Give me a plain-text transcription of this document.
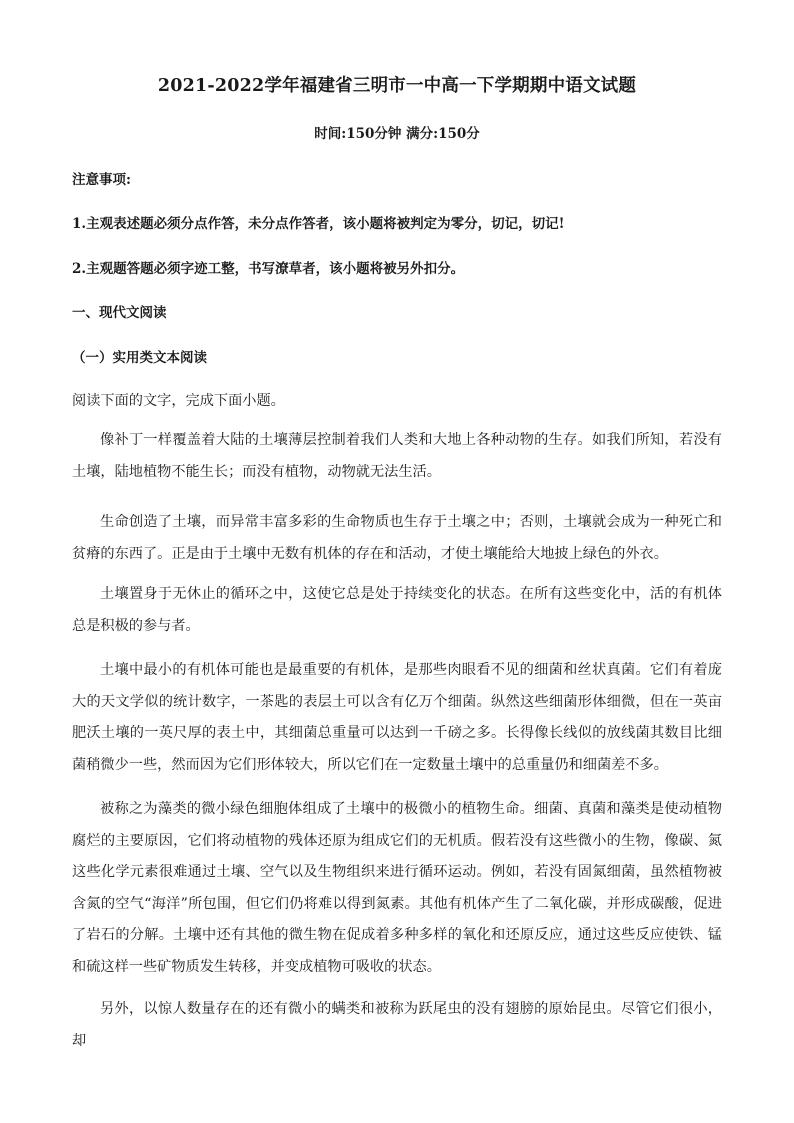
2021-2022学年福建省三明市一中高一下学期期中语文试题
时间:150分钟 满分:150分
注意事项:
1.主观表述题必须分点作答，未分点作答者，该小题将被判定为零分，切记，切记!
2.主观题答题必须字迹工整，书写潦草者，该小题将被另外扣分。
一、现代文阅读
（一）实用类文本阅读
阅读下面的文字，完成下面小题。

像补丁一样覆盖着大陆的土壤薄层控制着我们人类和大地上各种动物的生存。如我们所知，若没有土壤，陆地植物不能生长；而没有植物，动物就无法生活。

生命创造了土壤，而异常丰富多彩的生命物质也生存于土壤之中；否则，土壤就会成为一种死亡和贫瘠的东西了。正是由于土壤中无数有机体的存在和活动，才使土壤能给大地披上绿色的外衣。

土壤置身于无休止的循环之中，这使它总是处于持续变化的状态。在所有这些变化中，活的有机体总是积极的参与者。

土壤中最小的有机体可能也是最重要的有机体，是那些肉眼看不见的细菌和丝状真菌。它们有着庞大的天文学似的统计数字，一茶匙的表层土可以含有亿万个细菌。纵然这些细菌形体细微，但在一英亩肥沃土壤的一英尺厚的表土中，其细菌总重量可以达到一千磅之多。长得像长线似的放线菌其数目比细菌稍微少一些，然而因为它们形体较大，所以它们在一定数量土壤中的总重量仍和细菌差不多。

被称之为藻类的微小绿色细胞体组成了土壤中的极微小的植物生命。细菌、真菌和藻类是使动植物腐烂的主要原因，它们将动植物的残体还原为组成它们的无机质。假若没有这些微小的生物，像碳、氮这些化学元素很难通过土壤、空气以及生物组织来进行循环运动。例如，若没有固氮细菌，虽然植物被含氮的空气“海洋”所包围，但它们仍将难以得到氮素。其他有机体产生了二氧化碳，并形成碳酸，促进了岩石的分解。土壤中还有其他的微生物在促成着多种多样的氧化和还原反应，通过这些反应使铁、锰和硫这样一些矿物质发生转移，并变成植物可吸收的状态。

另外，以惊人数量存在的还有微小的螨类和被称为跃尾虫的没有翅膀的原始昆虫。尽管它们很小，却
